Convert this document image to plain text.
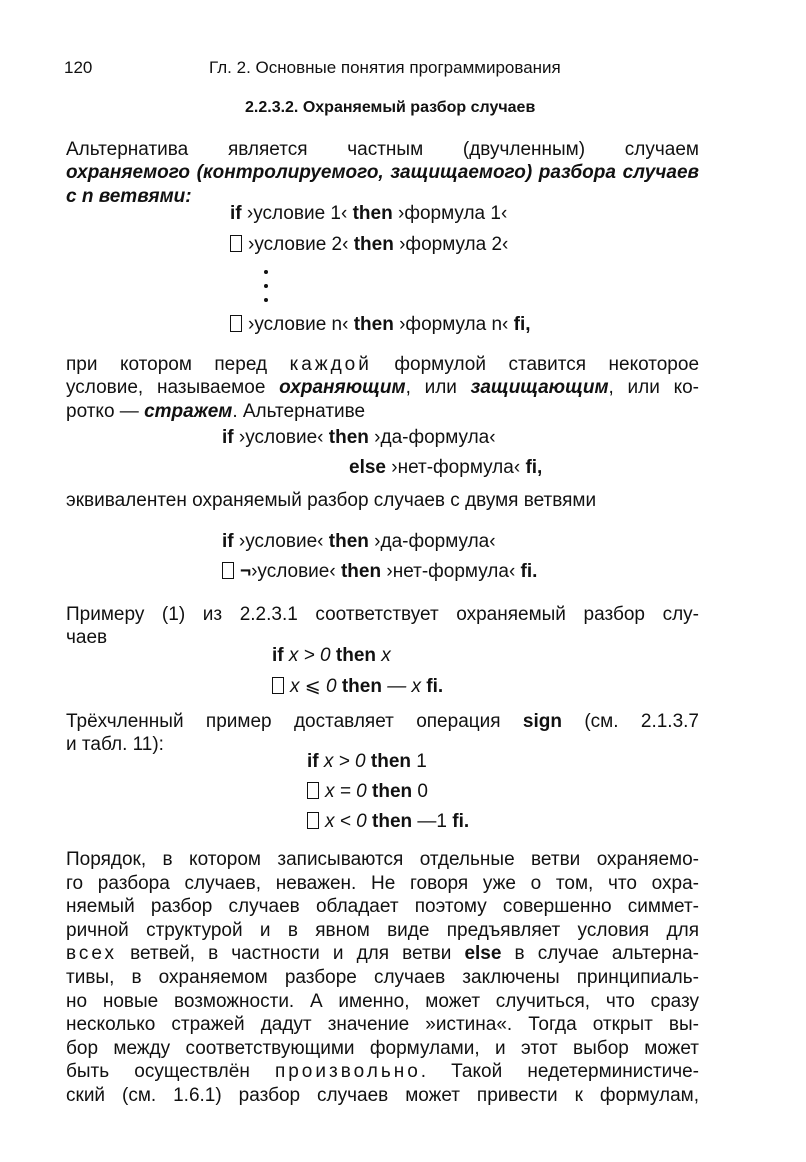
120	Гл. 2. Основные понятия программирования
2.2.3.2. Охраняемый разбор случаев
Альтернатива является частным (двучленным) случаем
охраняемого (контролируемого, защищаемого) разбора случаев
с n ветвями:
if ›условие 1‹ then ›формула 1‹
›условие 2‹ then ›формула 2‹
›условие n‹ then ›формула n‹ fi,
при котором перед каждой формулой ставится некоторое
условие, называемое охраняющим, или защищающим, или ко-
ротко — стражем. Альтернативе
if ›условие‹ then ›да-формула‹
else ›нет-формула‹ fi,
эквивалентен охраняемый разбор случаев с двумя ветвями
if ›условие‹ then ›да-формула‹
¬›условие‹ then ›нет-формула‹ fi.
Примеру (1) из 2.2.3.1 соответствует охраняемый разбор слу-
чаев
if x > 0 then x
x ⩽ 0 then — x fi.
Трёхчленный пример доставляет операция sign (см. 2.1.3.7
и табл. 11):
if x > 0 then 1
x = 0 then 0
x < 0 then —1 fi.
Порядок, в котором записываются отдельные ветви охраняемо-
го разбора случаев, неважен. Не говоря уже о том, что охра-
няемый разбор случаев обладает поэтому совершенно симмет-
ричной структурой и в явном виде предъявляет условия для
всех ветвей, в частности и для ветви else в случае альтерна-
тивы, в охраняемом разборе случаев заключены принципиаль-
но новые возможности. А именно, может случиться, что сразу
несколько стражей дадут значение »истина«. Тогда открыт вы-
бор между соответствующими формулами, и этот выбор может
быть осуществлён произвольно. Такой недетерминистиче-
ский (см. 1.6.1) разбор случаев может привести к формулам,
